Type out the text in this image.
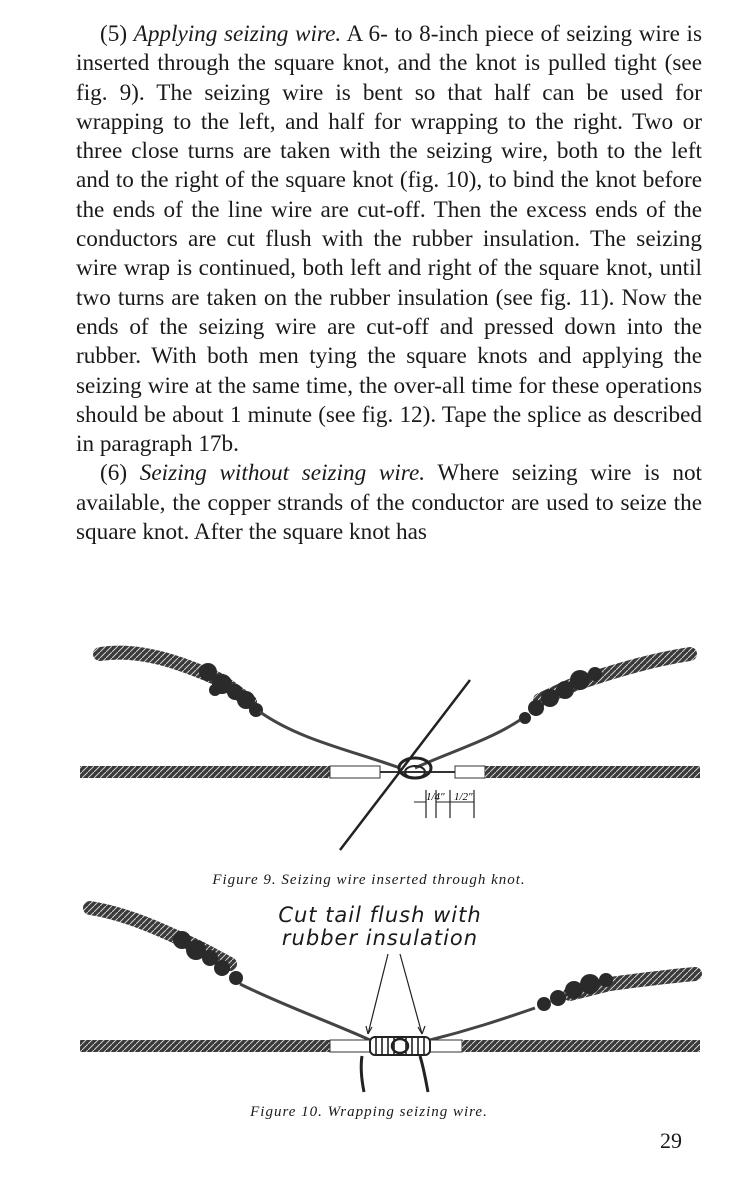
(5) Applying seizing wire. A 6- to 8-inch piece of seizing wire is inserted through the square knot, and the knot is pulled tight (see fig. 9). The seizing wire is bent so that half can be used for wrapping to the left, and half for wrapping to the right. Two or three close turns are taken with the seizing wire, both to the left and to the right of the square knot (fig. 10), to bind the knot before the ends of the line wire are cut-off. Then the excess ends of the conductors are cut flush with the rubber insulation. The seizing wire wrap is continued, both left and right of the square knot, until two turns are taken on the rubber insulation (see fig. 11). Now the ends of the seizing wire are cut-off and pressed down into the rubber. With both men tying the square knots and applying the seizing wire at the same time, the over-all time for these operations should be about 1 minute (see fig. 12). Tape the splice as described in paragraph 17b.

(6) Seizing without seizing wire. Where seizing wire is not available, the copper strands of the conductor are used to seize the square knot. After the square knot has

1/4" 1/2"
Figure 9. Seizing wire inserted through knot.
Cut tail flush with
rubber insulation
Figure 10. Wrapping seizing wire.
29
